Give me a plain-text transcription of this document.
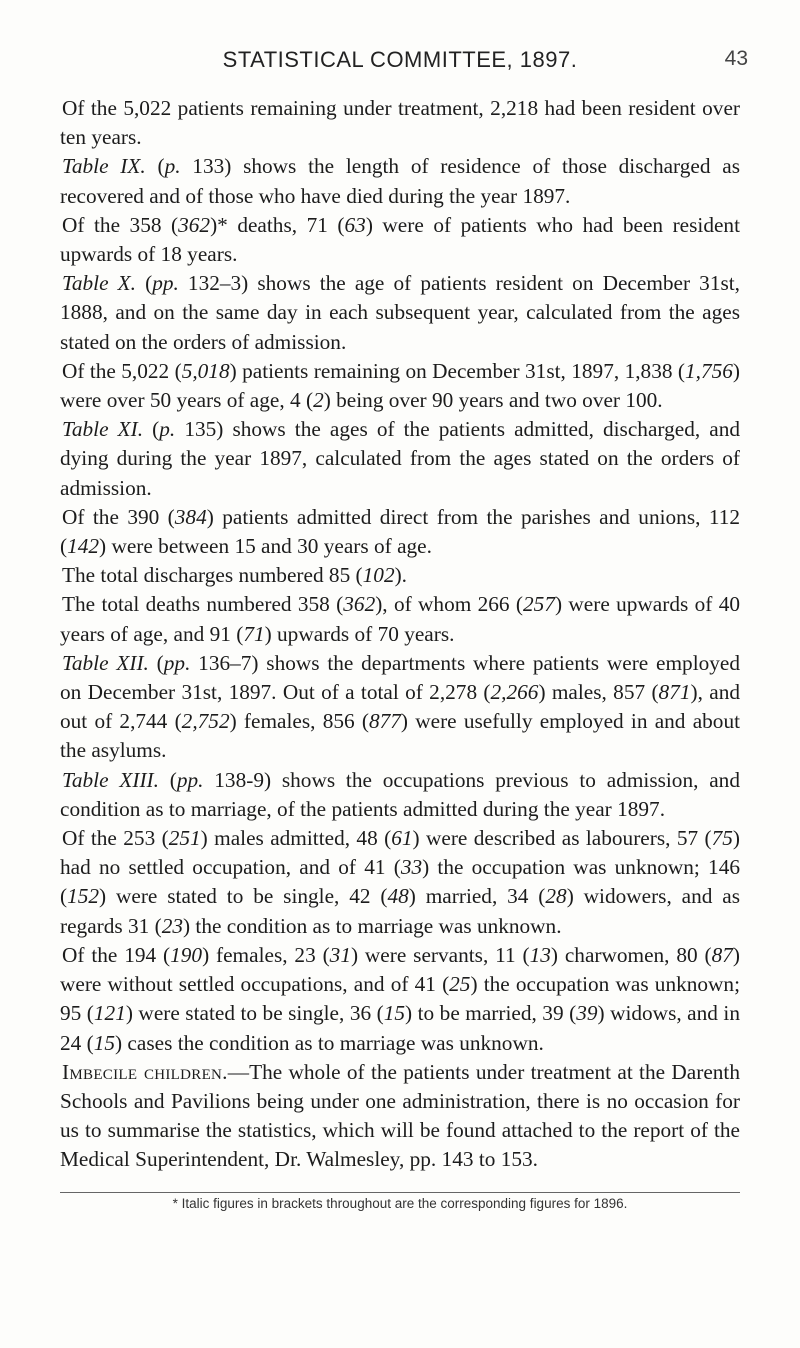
STATISTICAL COMMITTEE, 1897.	43

Of the 5,022 patients remaining under treatment, 2,218 had been resident over ten years.

Table IX. (p. 133) shows the length of residence of those discharged as recovered and of those who have died during the year 1897.

Of the 358 (362)* deaths, 71 (63) were of patients who had been resident upwards of 18 years.

Table X. (pp. 132–3) shows the age of patients resident on December 31st, 1888, and on the same day in each subsequent year, calculated from the ages stated on the orders of admission.

Of the 5,022 (5,018) patients remaining on December 31st, 1897, 1,838 (1,756) were over 50 years of age, 4 (2) being over 90 years and two over 100.

Table XI. (p. 135) shows the ages of the patients admitted, discharged, and dying during the year 1897, calculated from the ages stated on the orders of admission.

Of the 390 (384) patients admitted direct from the parishes and unions, 112 (142) were between 15 and 30 years of age.

The total discharges numbered 85 (102).

The total deaths numbered 358 (362), of whom 266 (257) were upwards of 40 years of age, and 91 (71) upwards of 70 years.

Table XII. (pp. 136–7) shows the departments where patients were employed on December 31st, 1897. Out of a total of 2,278 (2,266) males, 857 (871), and out of 2,744 (2,752) females, 856 (877) were usefully employed in and about the asylums.

Table XIII. (pp. 138-9) shows the occupations previous to admission, and condition as to marriage, of the patients admitted during the year 1897.

Of the 253 (251) males admitted, 48 (61) were described as labourers, 57 (75) had no settled occupation, and of 41 (33) the occupation was unknown; 146 (152) were stated to be single, 42 (48) married, 34 (28) widowers, and as regards 31 (23) the condition as to marriage was unknown.

Of the 194 (190) females, 23 (31) were servants, 11 (13) charwomen, 80 (87) were without settled occupations, and of 41 (25) the occupation was unknown; 95 (121) were stated to be single, 36 (15) to be married, 39 (39) widows, and in 24 (15) cases the condition as to marriage was unknown.

Imbecile children.—The whole of the patients under treatment at the Darenth Schools and Pavilions being under one administration, there is no occasion for us to summarise the statistics, which will be found attached to the report of the Medical Superintendent, Dr. Walmesley, pp. 143 to 153.

* Italic figures in brackets throughout are the corresponding figures for 1896.
